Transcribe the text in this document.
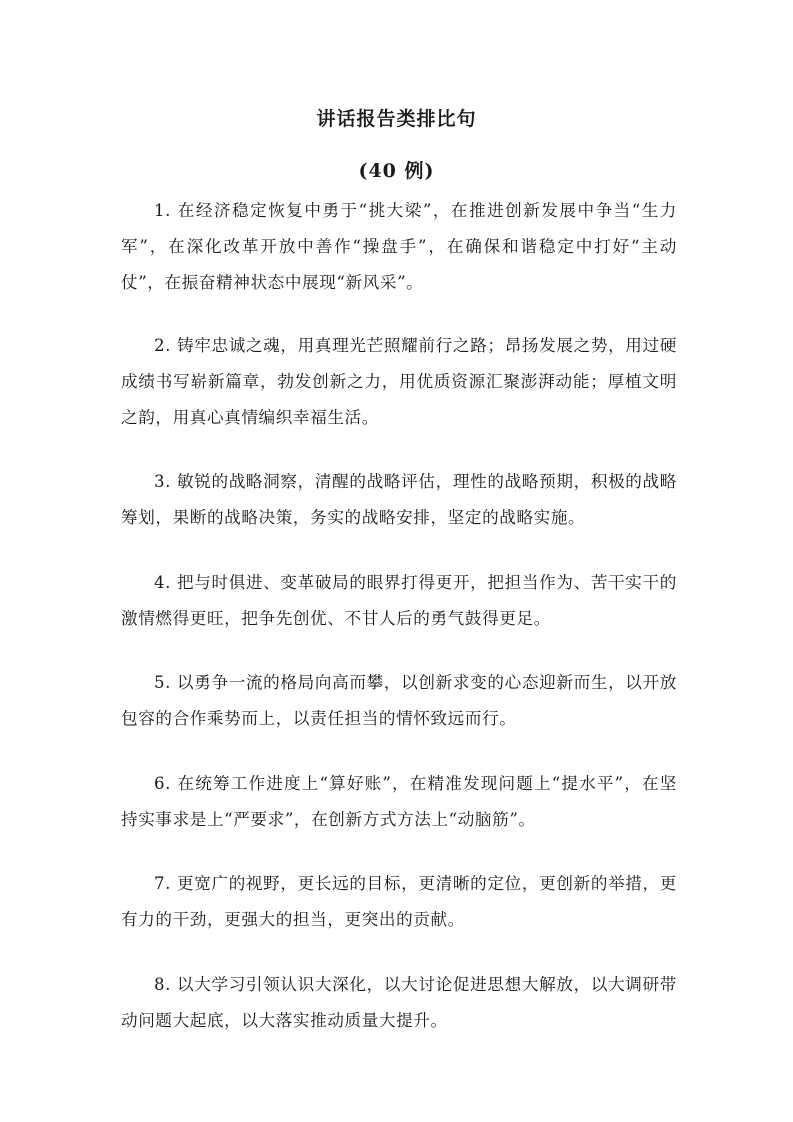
讲话报告类排比句
(40 例)

1. 在经济稳定恢复中勇于“挑大梁”，在推进创新发展中争当“生力军”，在深化改革开放中善作“操盘手”，在确保和谐稳定中打好“主动仗”，在振奋精神状态中展现“新风采”。

2. 铸牢忠诚之魂，用真理光芒照耀前行之路；昂扬发展之势，用过硬成绩书写崭新篇章，勃发创新之力，用优质资源汇聚澎湃动能；厚植文明之韵，用真心真情编织幸福生活。

3. 敏锐的战略洞察，清醒的战略评估，理性的战略预期，积极的战略筹划，果断的战略决策，务实的战略安排，坚定的战略实施。

4. 把与时俱进、变革破局的眼界打得更开，把担当作为、苦干实干的激情燃得更旺，把争先创优、不甘人后的勇气鼓得更足。

5. 以勇争一流的格局向高而攀，以创新求变的心态迎新而生，以开放包容的合作乘势而上，以责任担当的情怀致远而行。

6. 在统筹工作进度上“算好账”，在精准发现问题上“提水平”，在坚持实事求是上“严要求”，在创新方式方法上“动脑筋”。

7. 更宽广的视野，更长远的目标，更清晰的定位，更创新的举措，更有力的干劲，更强大的担当，更突出的贡献。

8. 以大学习引领认识大深化，以大讨论促进思想大解放，以大调研带动问题大起底，以大落实推动质量大提升。
